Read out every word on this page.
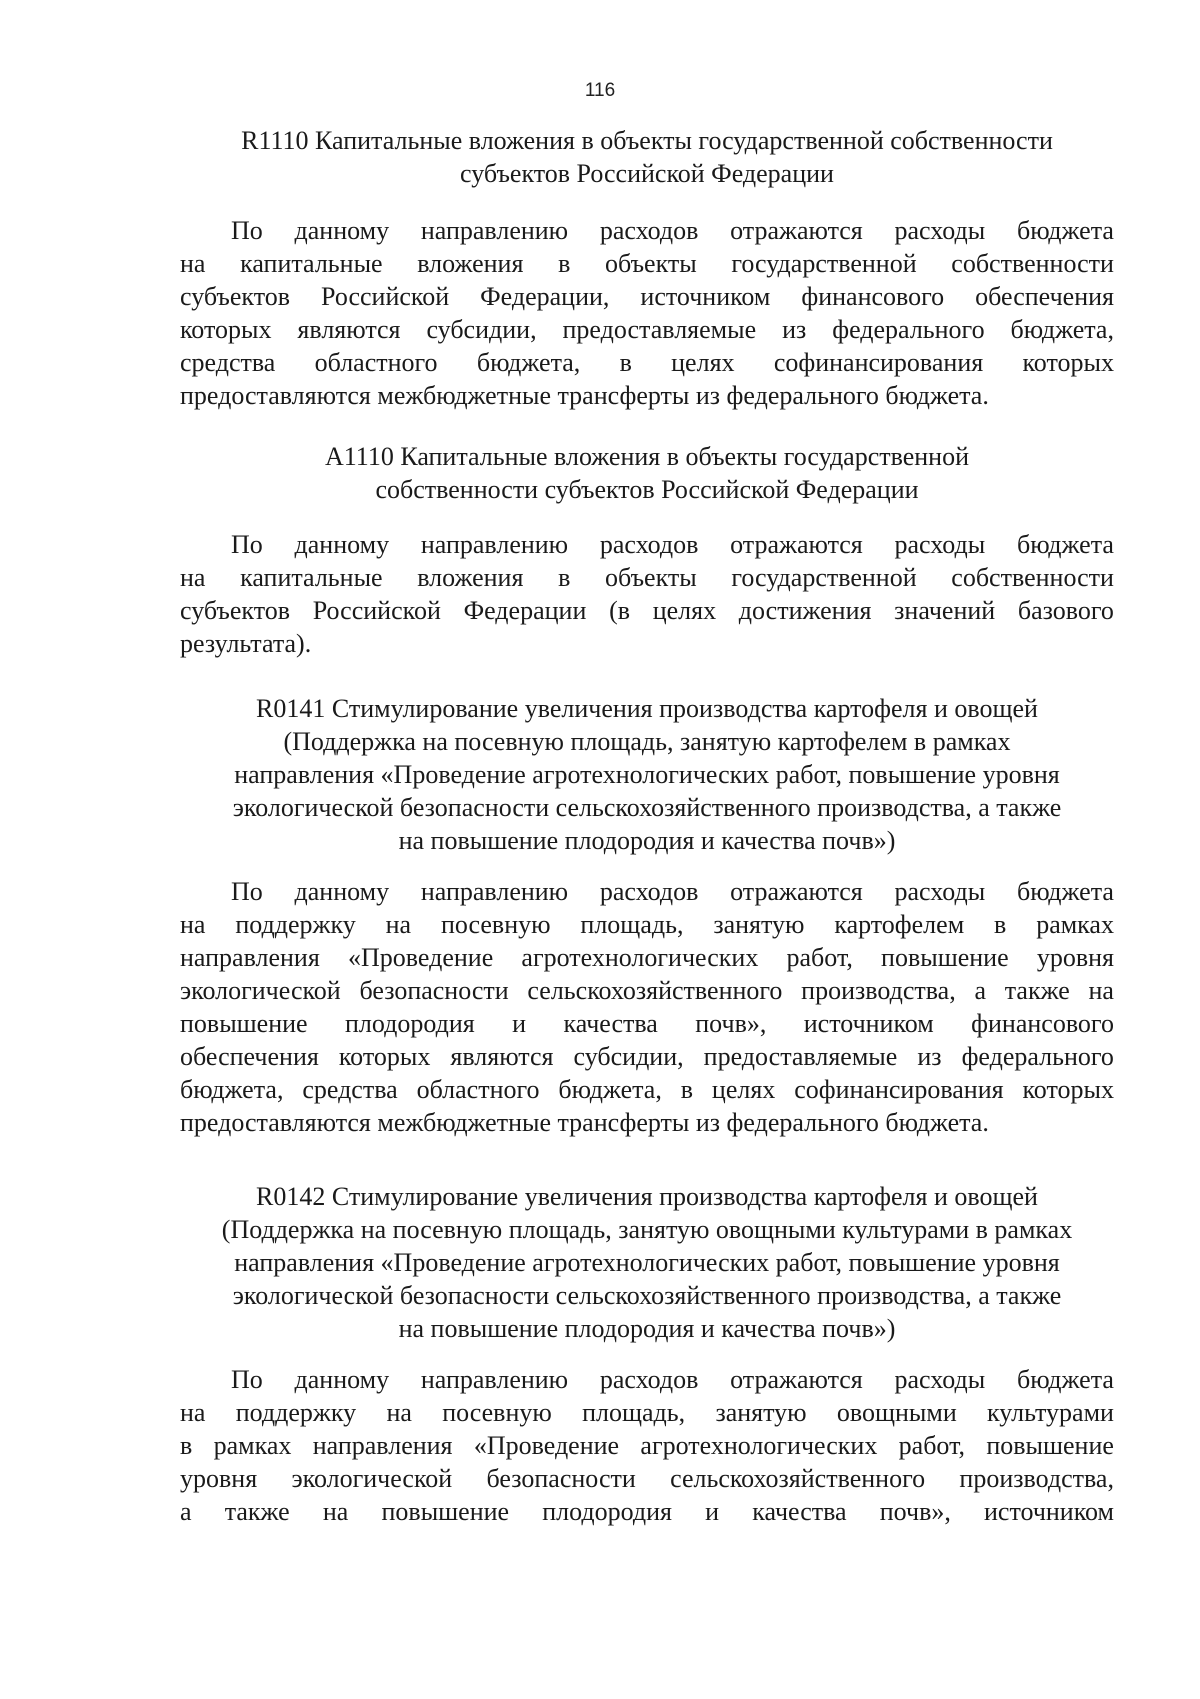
116
R1110 Капитальные вложения в объекты государственной собственности
субъектов Российской Федерации
По данному направлению расходов отражаются расходы бюджета
на капитальные вложения в объекты государственной собственности
субъектов Российской Федерации, источником финансового обеспечения
которых являются субсидии, предоставляемые из федерального бюджета,
средства областного бюджета, в целях софинансирования которых
предоставляются межбюджетные трансферты из федерального бюджета.
А1110 Капитальные вложения в объекты государственной
собственности субъектов Российской Федерации
По данному направлению расходов отражаются расходы бюджета
на капитальные вложения в объекты государственной собственности
субъектов Российской Федерации (в целях достижения значений базового
результата).
R0141 Стимулирование увеличения производства картофеля и овощей
(Поддержка на посевную площадь, занятую картофелем в рамках
направления «Проведение агротехнологических работ, повышение уровня
экологической безопасности сельскохозяйственного производства, а также
на повышение плодородия и качества почв»)
По данному направлению расходов отражаются расходы бюджета
на поддержку на посевную площадь, занятую картофелем в рамках
направления «Проведение агротехнологических работ, повышение уровня
экологической безопасности сельскохозяйственного производства, а также на
повышение плодородия и качества почв», источником финансового
обеспечения которых являются субсидии, предоставляемые из федерального
бюджета, средства областного бюджета, в целях софинансирования которых
предоставляются межбюджетные трансферты из федерального бюджета.
R0142 Стимулирование увеличения производства картофеля и овощей
(Поддержка на посевную площадь, занятую овощными культурами в рамках
направления «Проведение агротехнологических работ, повышение уровня
экологической безопасности сельскохозяйственного производства, а также
на повышение плодородия и качества почв»)
По данному направлению расходов отражаются расходы бюджета
на поддержку на посевную площадь, занятую овощными культурами
в рамках направления «Проведение агротехнологических работ, повышение
уровня экологической безопасности сельскохозяйственного производства,
а также на повышение плодородия и качества почв», источником
